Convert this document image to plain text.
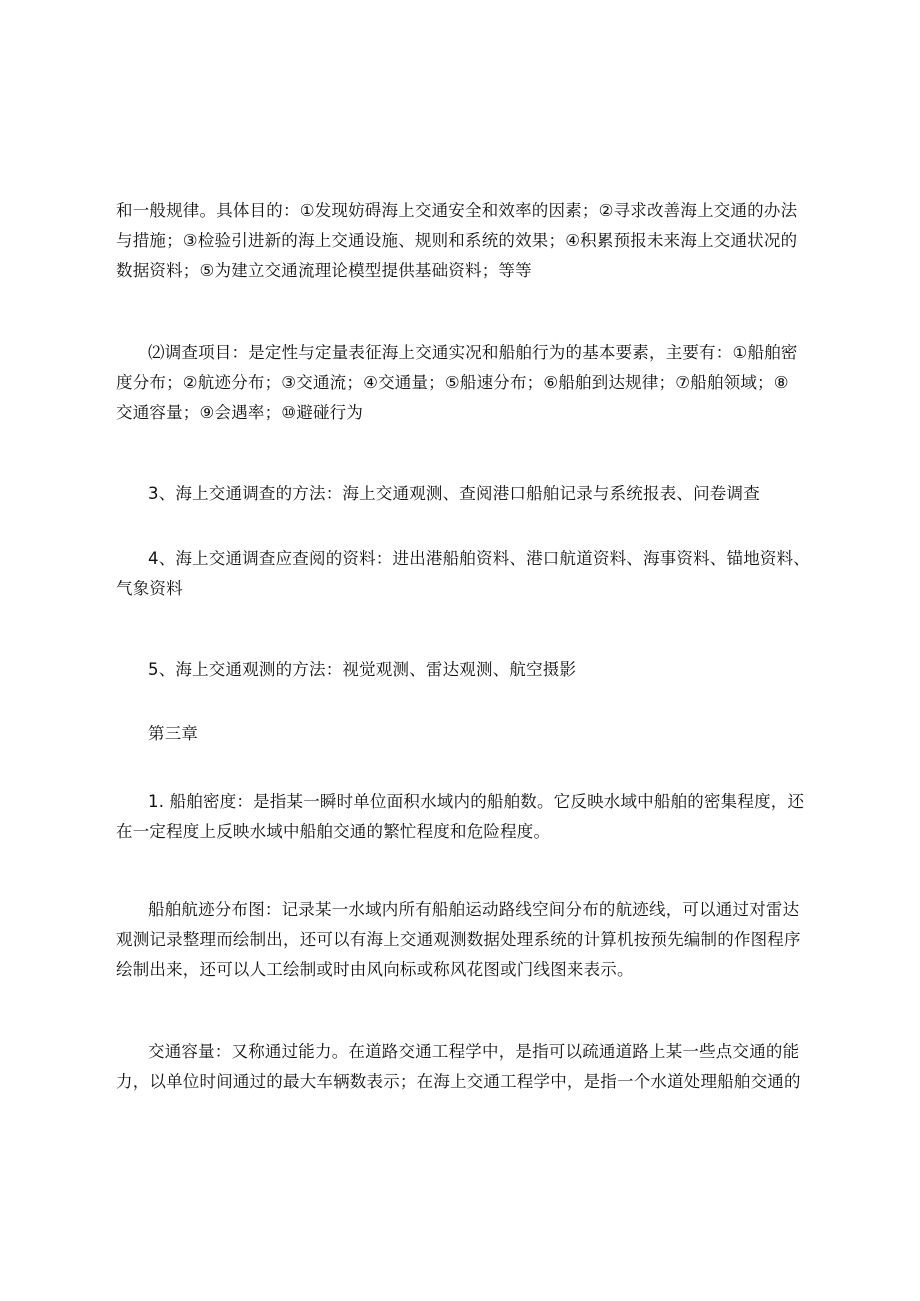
和一般规律。具体目的：①发现妨碍海上交通安全和效率的因素；②寻求改善海上交通的办法
与措施；③检验引进新的海上交通设施、规则和系统的效果；④积累预报未来海上交通状况的
数据资料；⑤为建立交通流理论模型提供基础资料；等等
⑵调查项目：是定性与定量表征海上交通实况和船舶行为的基本要素，主要有：①船舶密
度分布；②航迹分布；③交通流；④交通量；⑤船速分布；⑥船舶到达规律；⑦船舶领域；⑧
交通容量；⑨会遇率；⑩避碰行为
3、海上交通调查的方法：海上交通观测、查阅港口船舶记录与系统报表、问卷调查
4、海上交通调查应查阅的资料：进出港船舶资料、港口航道资料、海事资料、锚地资料、
气象资料
5、海上交通观测的方法：视觉观测、雷达观测、航空摄影
第三章
1. 船舶密度：是指某一瞬时单位面积水域内的船舶数。它反映水域中船舶的密集程度，还
在一定程度上反映水域中船舶交通的繁忙程度和危险程度。
船舶航迹分布图：记录某一水域内所有船舶运动路线空间分布的航迹线，可以通过对雷达
观测记录整理而绘制出，还可以有海上交通观测数据处理系统的计算机按预先编制的作图程序
绘制出来，还可以人工绘制或时由风向标或称风花图或门线图来表示。
交通容量：又称通过能力。在道路交通工程学中，是指可以疏通道路上某一些点交通的能
力，以单位时间通过的最大车辆数表示；在海上交通工程学中，是指一个水道处理船舶交通的
